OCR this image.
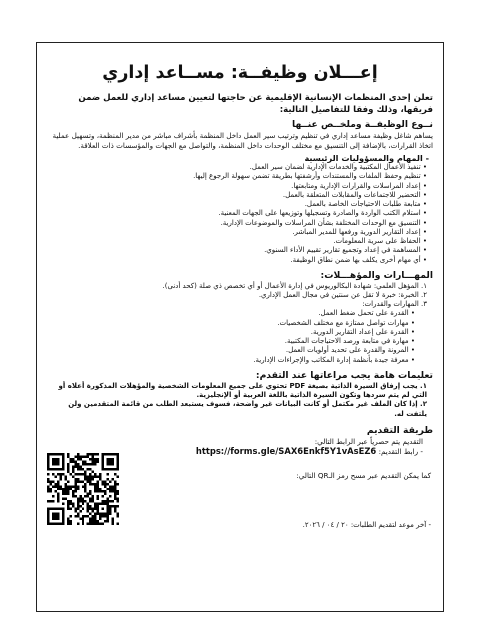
إعـــلان وظيفــة: مســاعد إداري
تعلن إحدى المنظمات الإنسانية الإقليمية عن حاجتها لتعيين مساعد إداري للعمل ضمن فريقها، وذلك وفقا للتفاصيل التالية:
نــوع الوظيفــة وملخــص عنــها

يساهم شاغل وظيفة مساعد إداري في تنظيم وترتيب سير العمل داخل المنظمة بأشراف مباشر من مدير المنظمة، وتسهيل عملية اتخاذ القرارات، بالإضافة إلى التنسيق مع مختلف الوحدات داخل المنظمة، والتواصل مع الجهات والمؤسسات ذات العلاقة.

- المهام والمسؤوليات الرئيسية
• تنفيذ الأعمال المكتبية والخدمات الإدارية لضمان سير العمل.
• تنظيم وحفظ الملفات والمستندات وأرشفتها بطريقة تضمن سهولة الرجوع إليها.
• إعداد المراسلات والقرارات الإدارية ومتابعتها.
• التحضير للاجتماعات والمقابلات المتعلقة بالعمل.
• متابعة طلبات الاحتياجات الخاصة بالعمل.
• استلام الكتب الواردة والصادرة وتسجيلها وتوزيعها على الجهات المعنية.
• التنسيق مع الوحدات المختلفة بشأن المراسلات والموضوعات الإدارية.
• إعداد التقارير الدورية ورفعها للمدير المباشر.
• الحفاظ على سرية المعلومات.
• المساهمة في إعداد وتجميع تقارير تقييم الأداء السنوي.
• أي مهام أخرى يكلف بها ضمن نطاق الوظيفة.
المهـــارات والمؤهـــلات:
١. المؤهل العلمي: شهادة البكالوريوس في إدارة الأعمال أو أي تخصص ذي صلة (كحد أدنى).
٢. الخبرة: خبرة لا تقل عن سنتين في مجال العمل الإداري.
٣. المهارات والقدرات:
• القدرة على تحمل ضغط العمل.
• مهارات تواصل ممتازة مع مختلف الشخصيات.
• القدرة على إعداد التقارير الدورية.
• مهارة في متابعة ورصد الاحتياجات المكتبية.
• المرونة والقدرة على تحديد أولويات العمل.
• معرفة جيدة بأنظمة إدارة المكاتب والإجراءات الإدارية.
تعليمات هامة يجب مراعاتها عند التقدم:
١. يجب إرفاق السيرة الذاتية بصيغة PDF تحتوي على جميع المعلومات الشخصية والمؤهلات المذكورة أعلاه أو التي لم يتم سردها وتكون السيرة الذاتية باللغة العربية أو الإنجليزية.
٢. إذا كان الملف غير مكتمل أو كانت البيانات غير واضحة، فسوف يستبعد الطلب من قائمة المتقدمين ولن يلتفت له.
طريقة التقديم
التقديم يتم حصرياً عبر الرابط التالي:
- رابط التقديم: https://forms.gle/SAX6Enkf5Y1vAsEZ6
كما يمكن التقديم عبر مسح رمز الـQR التالي:
- آخر موعد لتقديم الطلبات: ٢٠ / ٠٤ / ٢٠٢٦.
